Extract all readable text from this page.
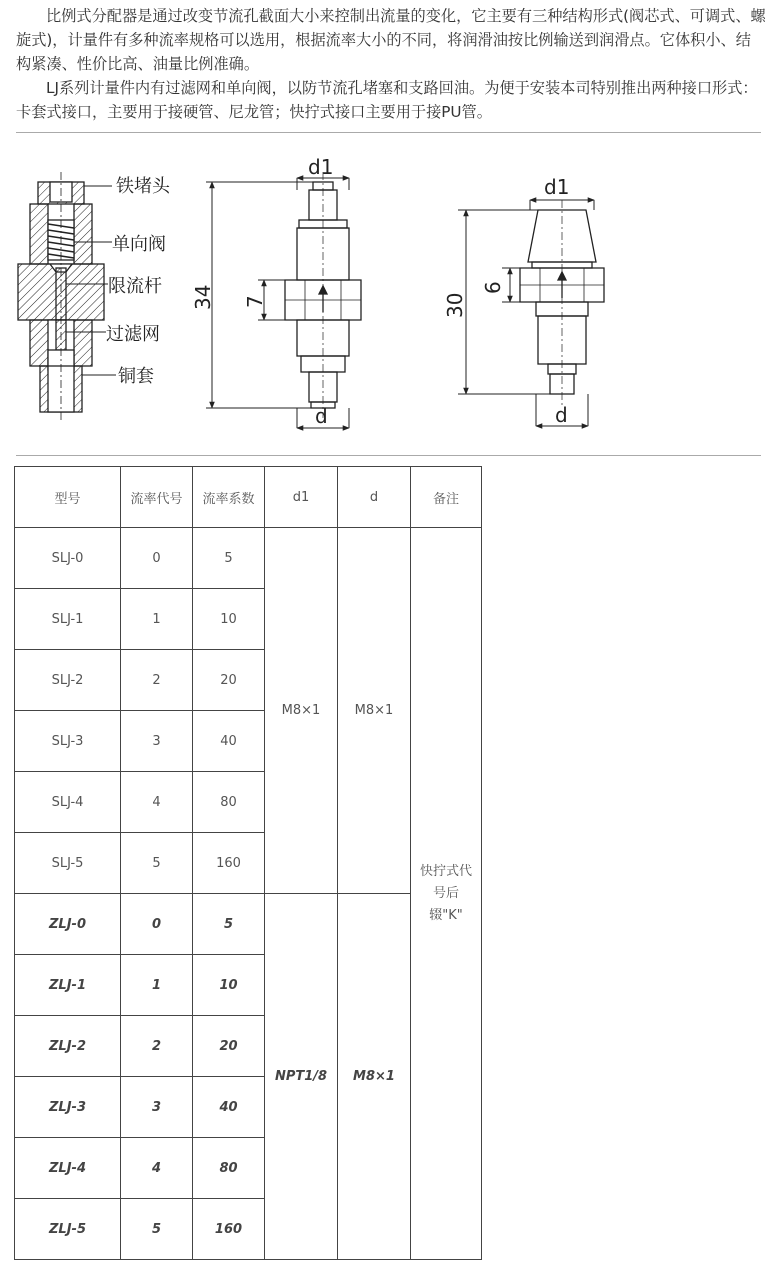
比例式分配器是通过改变节流孔截面大小来控制出流量的变化，它主要有三种结构形式(阀芯式、可调式、螺旋式)，计量件有多种流率规格可以选用，根据流率大小的不同，将润滑油按比例输送到润滑点。它体积小、结构紧凑、性价比高、油量比例准确。

LJ系列计量件内有过滤网和单向阀，以防节流孔堵塞和支路回油。为便于安装本司特别推出两种接口形式：卡套式接口，主要用于接硬管、尼龙管；快拧式接口主要用于接PU管。

铁堵头
单向阀
限流杆
过滤网
铜套
d1
d
34 7
d1
d
30
6
型号	流率代号	流率系数	d1	d	备注
SLJ-0	0	5	M8×1	M8×1	快拧式代
号后
辍"K"

SLJ-1	1	10			
SLJ-2	2	20			
SLJ-3	3	40			
SLJ-4	4	80			
SLJ-5	5	160			
ZLJ-0	0	5	NPT1/8	M8×1	
ZLJ-1	1	10			
ZLJ-2	2	20			
ZLJ-3	3	40			
ZLJ-4	4	80			
ZLJ-5	5	160			
